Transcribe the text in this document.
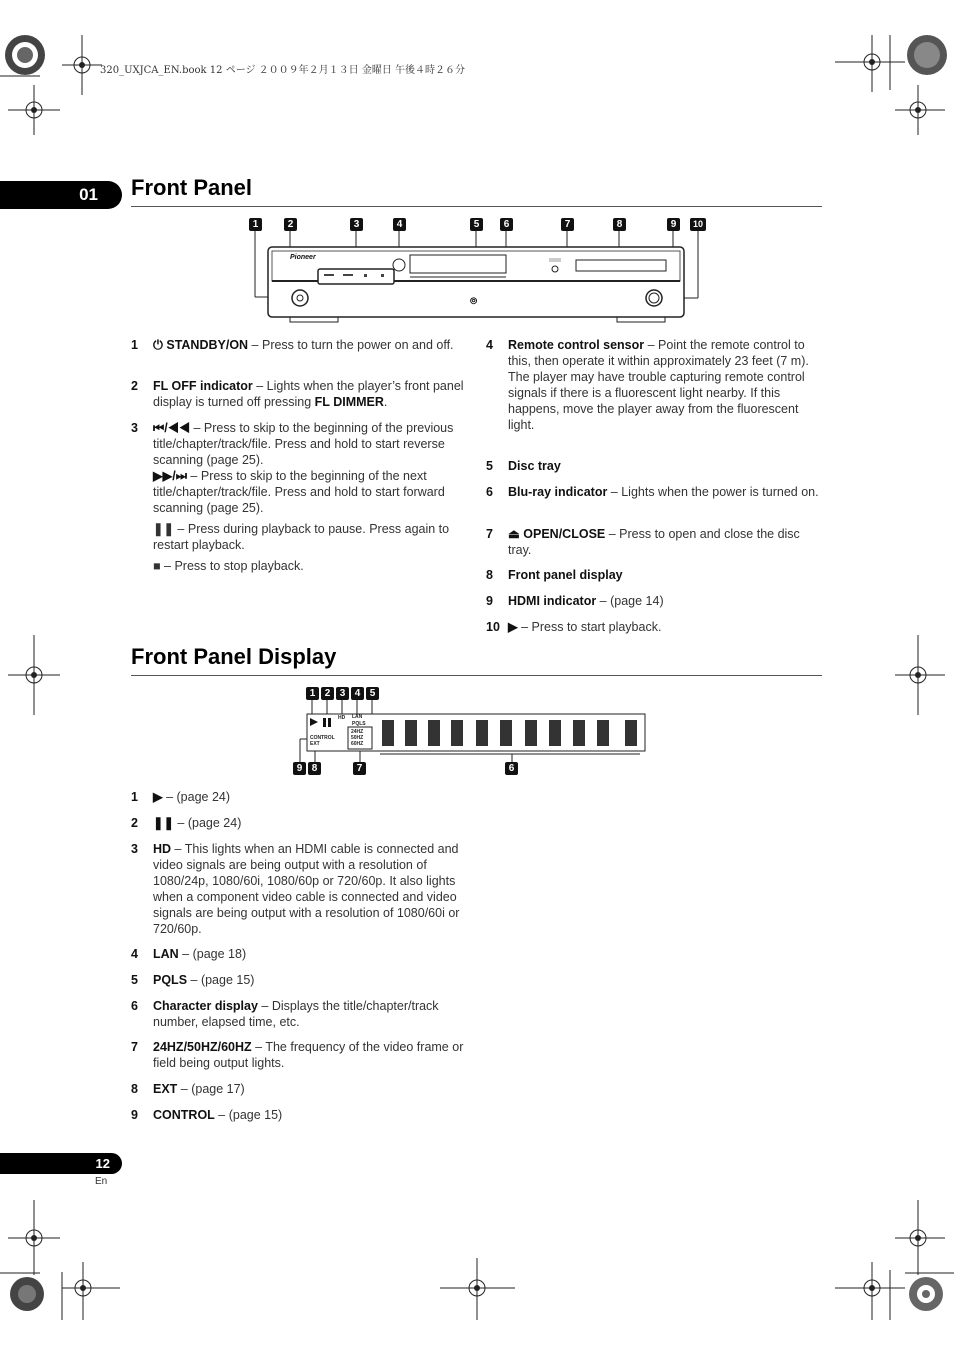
320_UXJCA_EN.book 12 ページ ２００９年２月１３日 金曜日 午後４時２６分
01 Front Panel
⦾
Pioneer
1	2	3	4	5	6	7	8	9	10
1 ⏻ STANDBY/ON – Press to turn the power on and off.
2 FL OFF indicator – Lights when the player’s front panel display is turned off pressing FL DIMMER.
3 ⏮/◀◀ – Press to skip to the beginning of the previous title/chapter/track/file. Press and hold to start reverse scanning (page 25).
▶▶/⏭ – Press to skip to the beginning of the next title/chapter/track/file. Press and hold to start forward scanning (page 25).
❚❚ – Press during playback to pause. Press again to restart playback.
■ – Press to stop playback.
4 Remote control sensor – Point the remote control to this, then operate it within approximately 23 feet (7 m).
The player may have trouble capturing remote control signals if there is a fluorescent light nearby. If this happens, move the player away from the fluorescent light.
5 Disc tray
6 Blu-ray indicator – Lights when the power is turned on.
7 ⏏ OPEN/CLOSE – Press to open and close the disc tray.
8 Front panel display
9 HDMI indicator – (page 14)
10 ▶ – Press to start playback.
Front Panel Display
HD LAN
PQLS
CONTROL
EXT
24HZ
50HZ
60HZ
1 2 3 4 5
9 8	7	6
1 ▶ – (page 24)
2 ❚❚ – (page 24)
3 HD – This lights when an HDMI cable is connected and video signals are being output with a resolution of 1080/24p, 1080/60i, 1080/60p or 720/60p. It also lights when a component video cable is connected and video signals are being output with a resolution of 1080/60i or 720/60p.
4 LAN – (page 18)
5 PQLS – (page 15)
6 Character display – Displays the title/chapter/track number, elapsed time, etc.
7 24HZ/50HZ/60HZ – The frequency of the video frame or field being output lights.
8 EXT – (page 17)
9 CONTROL – (page 15)
12
En
